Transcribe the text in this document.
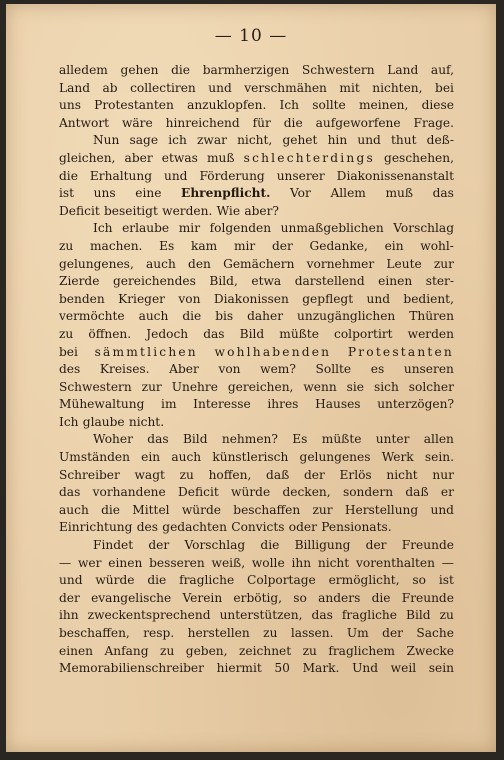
— 10 —
alledem gehen die barmherzigen Schwestern Land auf,
Land ab collectiren und verschmähen mit nichten, bei
uns Protestanten anzuklopfen. Ich sollte meinen, diese
Antwort wäre hinreichend für die aufgeworfene Frage.
Nun sage ich zwar nicht, gehet hin und thut deß-
gleichen, aber etwas muß schlechterdings geschehen,
die Erhaltung und Förderung unserer Diakonissenanstalt
ist uns eine Ehrenpflicht. Vor Allem muß das
Deficit beseitigt werden. Wie aber?
Ich erlaube mir folgenden unmaßgeblichen Vorschlag
zu machen. Es kam mir der Gedanke, ein wohl-
gelungenes, auch den Gemächern vornehmer Leute zur
Zierde gereichendes Bild, etwa darstellend einen ster-
benden Krieger von Diakonissen gepflegt und bedient,
vermöchte auch die bis daher unzugänglichen Thüren
zu öffnen. Jedoch das Bild müßte colportirt werden
bei sämmtlichen wohlhabenden Protestanten
des Kreises. Aber von wem? Sollte es unseren
Schwestern zur Unehre gereichen, wenn sie sich solcher
Mühewaltung im Interesse ihres Hauses unterzögen?
Ich glaube nicht.
Woher das Bild nehmen? Es müßte unter allen
Umständen ein auch künstlerisch gelungenes Werk sein.
Schreiber wagt zu hoffen, daß der Erlös nicht nur
das vorhandene Deficit würde decken, sondern daß er
auch die Mittel würde beschaffen zur Herstellung und
Einrichtung des gedachten Convicts oder Pensionats.
Findet der Vorschlag die Billigung der Freunde
— wer einen besseren weiß, wolle ihn nicht vorenthalten —
und würde die fragliche Colportage ermöglicht, so ist
der evangelische Verein erbötig, so anders die Freunde
ihn zweckentsprechend unterstützen, das fragliche Bild zu
beschaffen, resp. herstellen zu lassen. Um der Sache
einen Anfang zu geben, zeichnet zu fraglichem Zwecke
Memorabilienschreiber hiermit 50 Mark. Und weil sein
